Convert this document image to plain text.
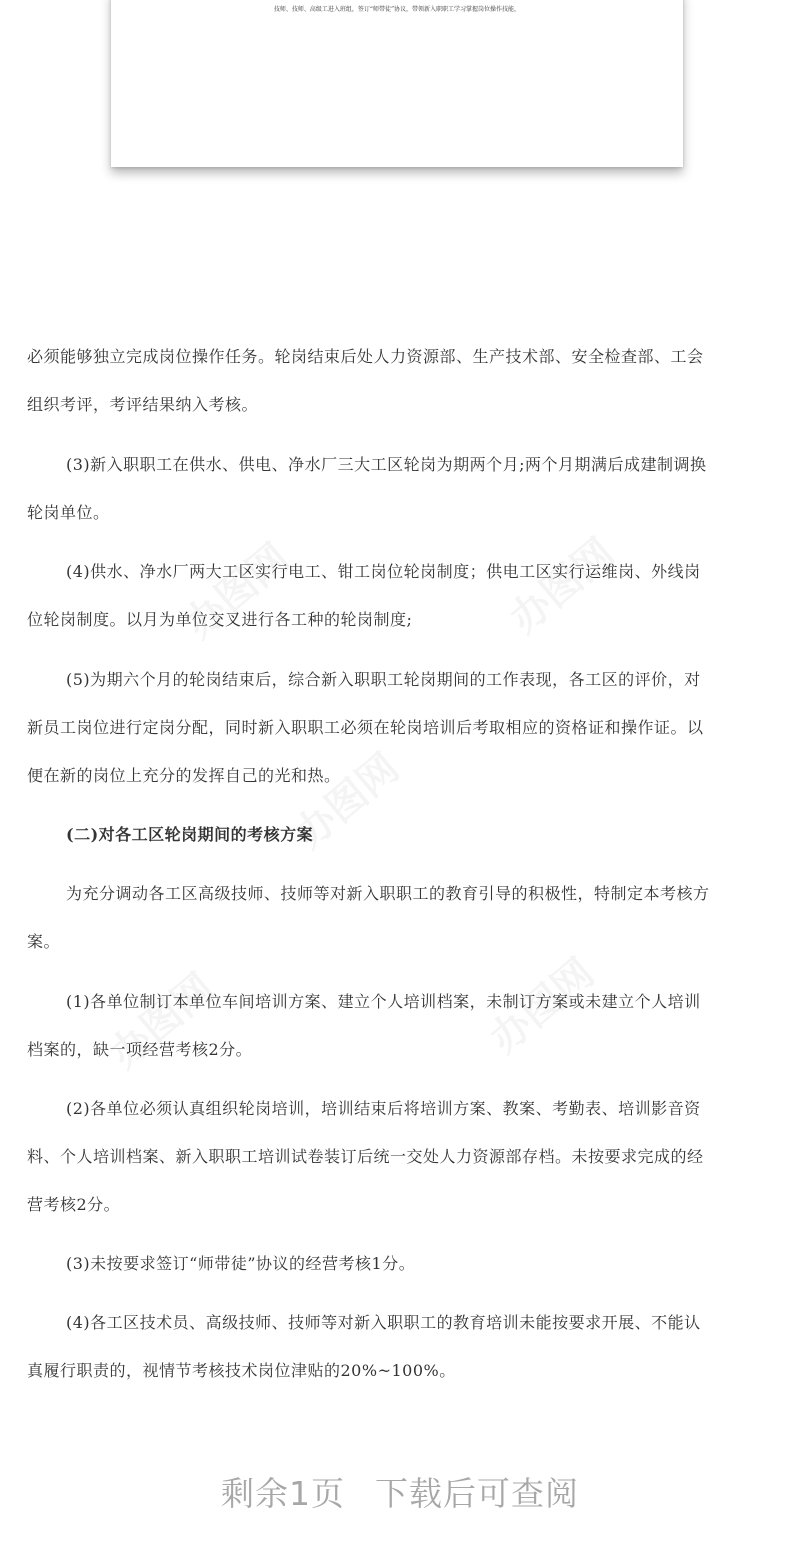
技师、技师、高级工进入班组，签订“师带徒”协议，带领新入职职工学习掌握岗位操作技能，
必须能够独立完成岗位操作任务。轮岗结束后处人力资源部、生产技术部、安全检查部、工会
组织考评，考评结果纳入考核。
(3)新入职职工在供水、供电、净水厂三大工区轮岗为期两个月;两个月期满后成建制调换
轮岗单位。
(4)供水、净水厂两大工区实行电工、钳工岗位轮岗制度；供电工区实行运维岗、外线岗
位轮岗制度。以月为单位交叉进行各工种的轮岗制度;
(5)为期六个月的轮岗结束后，综合新入职职工轮岗期间的工作表现，各工区的评价，对
新员工岗位进行定岗分配，同时新入职职工必须在轮岗培训后考取相应的资格证和操作证。以
便在新的岗位上充分的发挥自己的光和热。
(二)对各工区轮岗期间的考核方案
为充分调动各工区高级技师、技师等对新入职职工的教育引导的积极性，特制定本考核方
案。
(1)各单位制订本单位车间培训方案、建立个人培训档案，未制订方案或未建立个人培训
档案的，缺一项经营考核2分。
(2)各单位必须认真组织轮岗培训，培训结束后将培训方案、教案、考勤表、培训影音资
料、个人培训档案、新入职职工培训试卷装订后统一交处人力资源部存档。未按要求完成的经
营考核2分。
(3)未按要求签订“师带徒”协议的经营考核1分。
(4)各工区技术员、高级技师、技师等对新入职职工的教育培训未能按要求开展、不能认
真履行职责的，视情节考核技术岗位津贴的20%~100%。
剩余1页 下载后可查阅
